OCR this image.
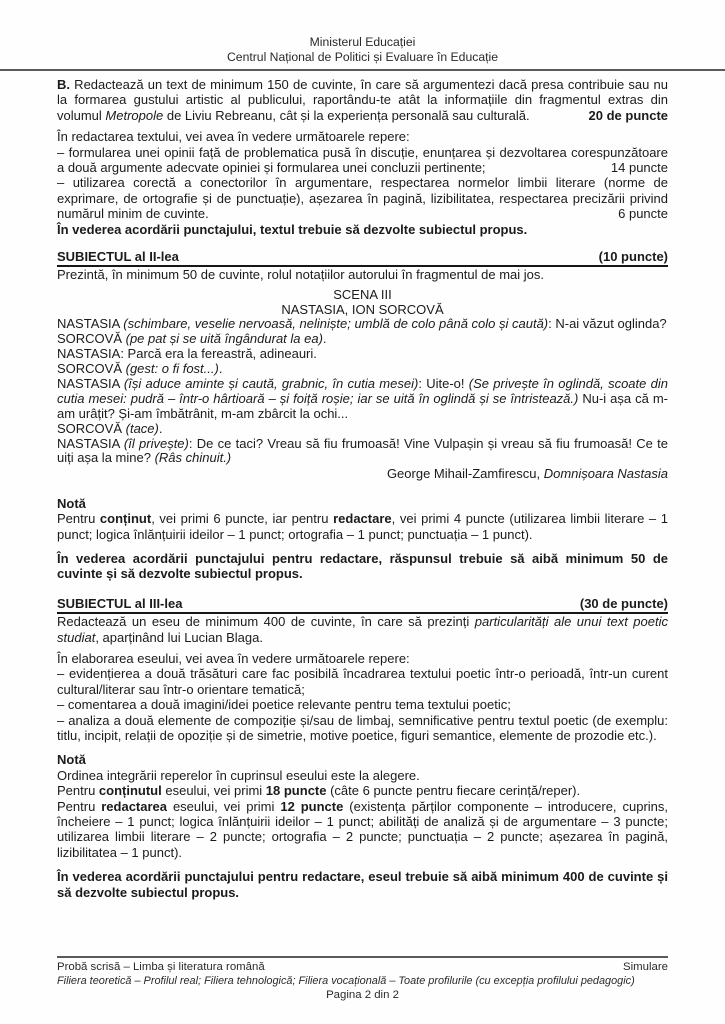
Ministerul Educației
Centrul Național de Politici și Evaluare în Educație

B. Redactează un text de minimum 150 de cuvinte, în care să argumentezi dacă presa contribuie sau nu la formarea gustului artistic al publicului, raportându-te atât la informațiile din fragmentul extras din volumul Metropole de Liviu Rebreanu, cât și la experiența personală sau culturală.	20 de puncte

În redactarea textului, vei avea în vedere următoarele repere:

– formularea unei opinii față de problematica pusă în discuție, enunțarea și dezvoltarea corespunzătoare a două argumente adecvate opiniei și formularea unei concluzii pertinente;	14 puncte

– utilizarea corectă a conectorilor în argumentare, respectarea normelor limbii literare (norme de exprimare, de ortografie și de punctuație), așezarea în pagină, lizibilitatea, respectarea precizării privind numărul minim de cuvinte.	6 puncte

În vederea acordării punctajului, textul trebuie să dezvolte subiectul propus.

SUBIECTUL al II-lea	(10 puncte)

Prezintă, în minimum 50 de cuvinte, rolul notațiilor autorului în fragmentul de mai jos.

SCENA III

NASTASIA, ION SORCOVĂ

NASTASIA (schimbare, veselie nervoasă, neliniște; umblă de colo până colo și caută): N-ai văzut oglinda?

SORCOVĂ (pe pat și se uită îngândurat la ea).

NASTASIA: Parcă era la fereastră, adineauri.

SORCOVĂ (gest: o fi fost...).

NASTASIA (își aduce aminte și caută, grabnic, în cutia mesei): Uite-o! (Se privește în oglindă, scoate din cutia mesei: pudră – într-o hârtioară – și foiță roșie; iar se uită în oglindă și se întristează.) Nu-i așa că m-am urâțit? Și-am îmbătrânit, m-am zbârcit la ochi...

SORCOVĂ (tace).

NASTASIA (îl privește): De ce taci? Vreau să fiu frumoasă! Vine Vulpașin și vreau să fiu frumoasă! Ce te uiți așa la mine? (Râs chinuit.)

George Mihail-Zamfirescu, Domnișoara Nastasia

Notă

Pentru conținut, vei primi 6 puncte, iar pentru redactare, vei primi 4 puncte (utilizarea limbii literare – 1 punct; logica înlănțuirii ideilor – 1 punct; ortografia – 1 punct; punctuația – 1 punct).

În vederea acordării punctajului pentru redactare, răspunsul trebuie să aibă minimum 50 de cuvinte și să dezvolte subiectul propus.

SUBIECTUL al III-lea	(30 de puncte)

Redactează un eseu de minimum 400 de cuvinte, în care să prezinți particularități ale unui text poetic studiat, aparținând lui Lucian Blaga.

În elaborarea eseului, vei avea în vedere următoarele repere:

– evidențierea a două trăsături care fac posibilă încadrarea textului poetic într-o perioadă, într-un curent cultural/literar sau într-o orientare tematică;

– comentarea a două imagini/idei poetice relevante pentru tema textului poetic;

– analiza a două elemente de compoziție și/sau de limbaj, semnificative pentru textul poetic (de exemplu: titlu, incipit, relații de opoziție și de simetrie, motive poetice, figuri semantice, elemente de prozodie etc.).

Notă

Ordinea integrării reperelor în cuprinsul eseului este la alegere.

Pentru conținutul eseului, vei primi 18 puncte (câte 6 puncte pentru fiecare cerință/reper).

Pentru redactarea eseului, vei primi 12 puncte (existența părților componente – introducere, cuprins, încheiere – 1 punct; logica înlănțuirii ideilor – 1 punct; abilități de analiză și de argumentare – 3 puncte; utilizarea limbii literare – 2 puncte; ortografia – 2 puncte; punctuația – 2 puncte; așezarea în pagină, lizibilitatea – 1 punct).

În vederea acordării punctajului pentru redactare, eseul trebuie să aibă minimum 400 de cuvinte și să dezvolte subiectul propus.

Probă scrisă – Limba și literatura română	Simulare
Filiera teoretică – Profilul real; Filiera tehnologică; Filiera vocațională – Toate profilurile (cu excepția profilului pedagogic)
Pagina 2 din 2
